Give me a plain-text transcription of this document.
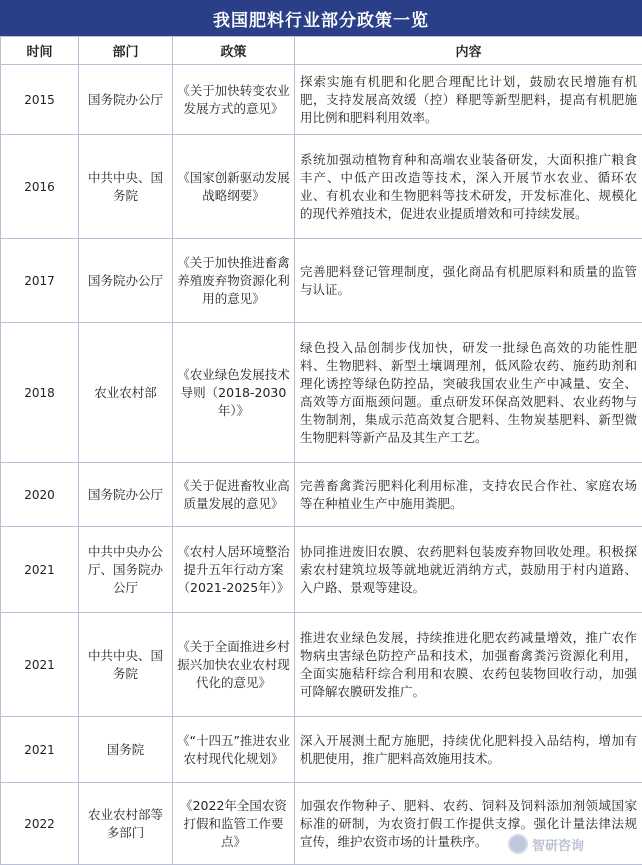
我国肥料行业部分政策一览
时间	部门	政策	内容
2015	国务院办公厅	《关于加快转变农业发展方式的意见》	探索实施有机肥和化肥合理配比计划，鼓励农民增施有机肥，支持发展高效缓（控）释肥等新型肥料，提高有机肥施用比例和肥料利用效率。
2016	中共中央、国务院	《国家创新驱动发展战略纲要》	系统加强动植物育种和高端农业装备研发，大面积推广粮食丰产、中低产田改造等技术，深入开展节水农业、循环农业、有机农业和生物肥料等技术研发，开发标准化、规模化的现代养殖技术，促进农业提质增效和可持续发展。
2017	国务院办公厅	《关于加快推进畜禽养殖废弃物资源化利用的意见》	完善肥料登记管理制度，强化商品有机肥原料和质量的监管与认证。
2018	农业农村部	《农业绿色发展技术导则（2018-2030年）》	绿色投入品创制步伐加快，研发一批绿色高效的功能性肥料、生物肥料、新型土壤调理剂，低风险农药、施药助剂和理化诱控等绿色防控品，突破我国农业生产中减量、安全、高效等方面瓶颈问题。重点研发环保高效肥料、农业药物与生物制剂，集成示范高效复合肥料、生物炭基肥料、新型微生物肥料等新产品及其生产工艺。
2020	国务院办公厅	《关于促进畜牧业高质量发展的意见》	完善畜禽粪污肥料化利用标准，支持农民合作社、家庭农场等在种植业生产中施用粪肥。
2021	中共中央办公厅、国务院办公厅	《农村人居环境整治提升五年行动方案（2021-2025年）》	协同推进废旧农膜、农药肥料包装废弃物回收处理。积极探索农村建筑垃圾等就地就近消纳方式，鼓励用于村内道路、入户路、景观等建设。
2021	中共中央、国务院	《关于全面推进乡村振兴加快农业农村现代化的意见》	推进农业绿色发展，持续推进化肥农药减量增效，推广农作物病虫害绿色防控产品和技术，加强畜禽粪污资源化利用，全面实施秸秆综合利用和农膜、农药包装物回收行动，加强可降解农膜研发推广。
2021	国务院	《“十四五”推进农业农村现代化规划》	深入开展测土配方施肥，持续优化肥料投入品结构，增加有机肥使用，推广肥料高效施用技术。
2022	农业农村部等多部门	《2022年全国农资打假和监管工作要点》	加强农作物种子、肥料、农药、饲料及饲料添加剂领域国家标准的研制，为农资打假工作提供支撑。强化计量法律法规宣传，维护农资市场的计量秩序。	智研咨询
